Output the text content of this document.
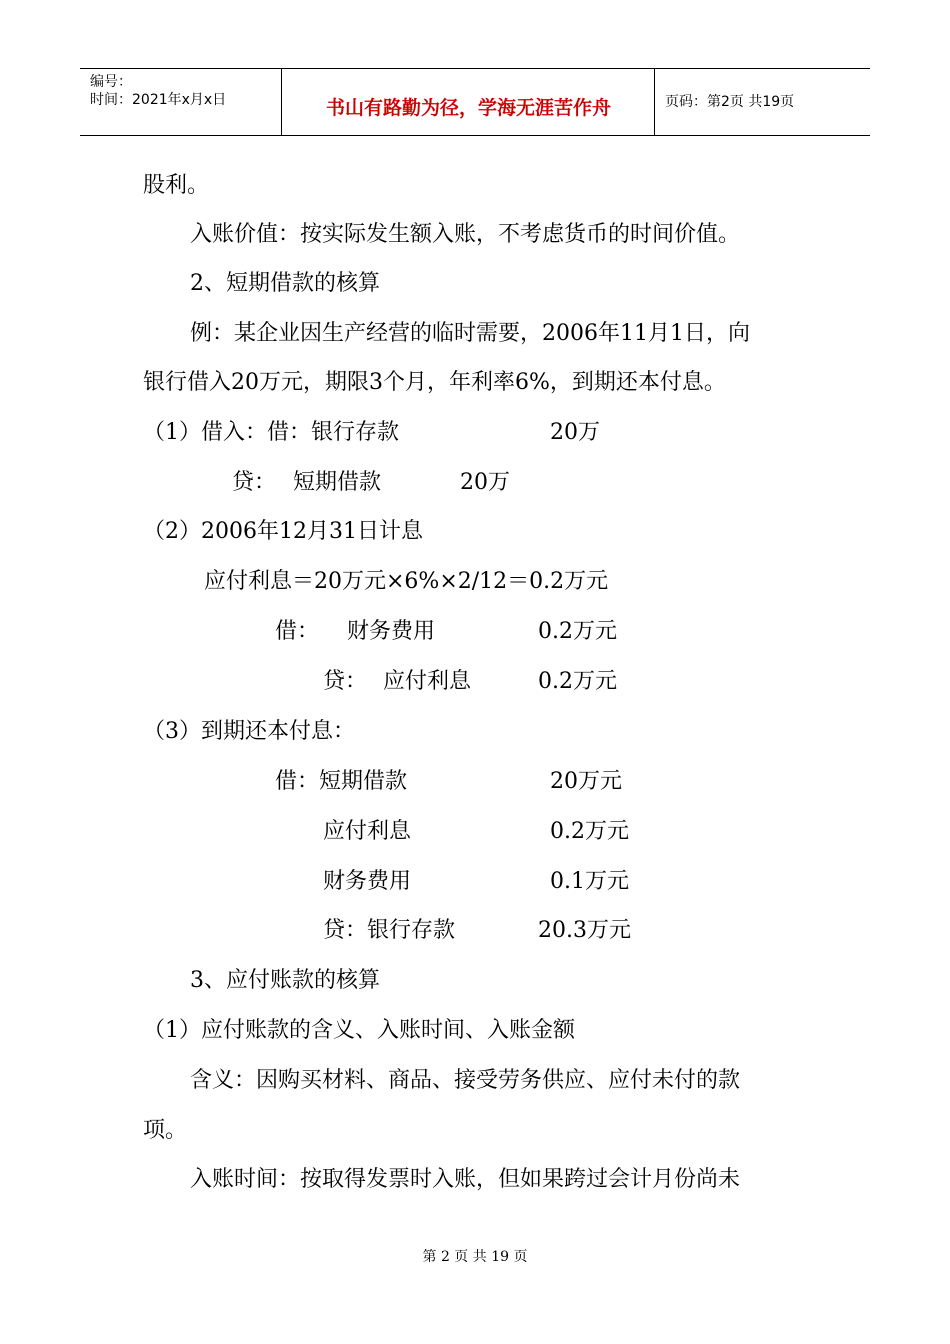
编号：
时间：2021年x月x日	书山有路勤为径，学海无涯苦作舟	页码：第2页 共19页
股利。
入账价值：按实际发生额入账，不考虑货币的时间价值。
2、短期借款的核算
例：某企业因生产经营的临时需要，2006年11月1日，向
银行借入20万元，期限3个月，年利率6%，到期还本付息。
（1）借入：借：银行存款	20万
贷： 短期借款	20万
（2）2006年12月31日计息
应付利息＝20万元×6%×2/12＝0.2万元
借： 财务费用	0.2万元
贷： 应付利息	0.2万元
（3）到期还本付息：
借：短期借款	20万元
应付利息	0.2万元
财务费用	0.1万元
贷：银行存款	20.3万元
3、应付账款的核算
（1）应付账款的含义、入账时间、入账金额
含义：因购买材料、商品、接受劳务供应、应付未付的款
项。
入账时间：按取得发票时入账，但如果跨过会计月份尚未
第 2 页 共 19 页
